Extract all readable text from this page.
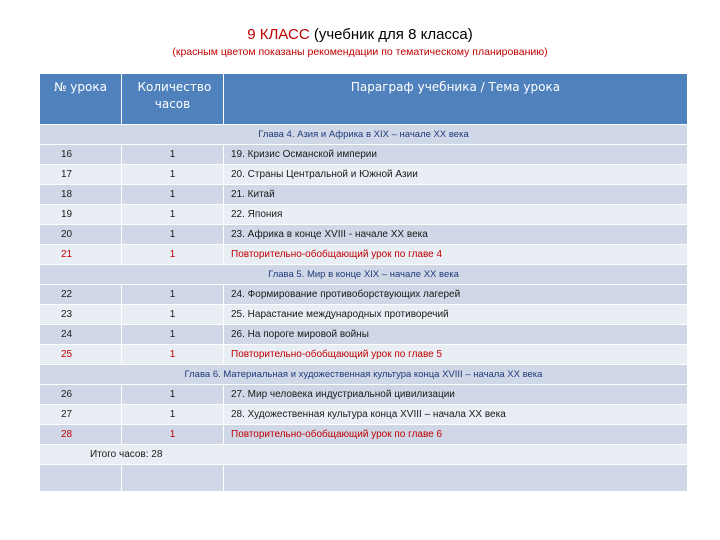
9 КЛАСС (учебник для 8 класса)
(красным цветом показаны рекомендации по тематическому планированию)
№ урока	Количество часов	Параграф учебника / Тема урока
Глава 4. Азия и Африка в XIX – начале XX века		
16	1	19. Кризис Османской империи
17	1	20. Страны Центральной и Южной Азии
18	1	21. Китай
19	1	22. Япония
20	1	23. Африка в конце XVIII - начале XX века
21	1	Повторительно-обобщающий урок по главе 4
Глава 5. Мир в конце XIX – начале XX века		
22	1	24. Формирование противоборствующих лагерей
23	1	25. Нарастание международных противоречий
24	1	26. На пороге мировой войны
25	1	Повторительно-обобщающий урок по главе 5
Глава 6. Материальная и художественная культура конца XVIII – начала XX века		
26	1	27. Мир человека индустриальной цивилизации
27	1	28. Художественная культура конца XVIII – начала XX века
28	1	Повторительно-обобщающий урок по главе 6
Итого часов: 28		
